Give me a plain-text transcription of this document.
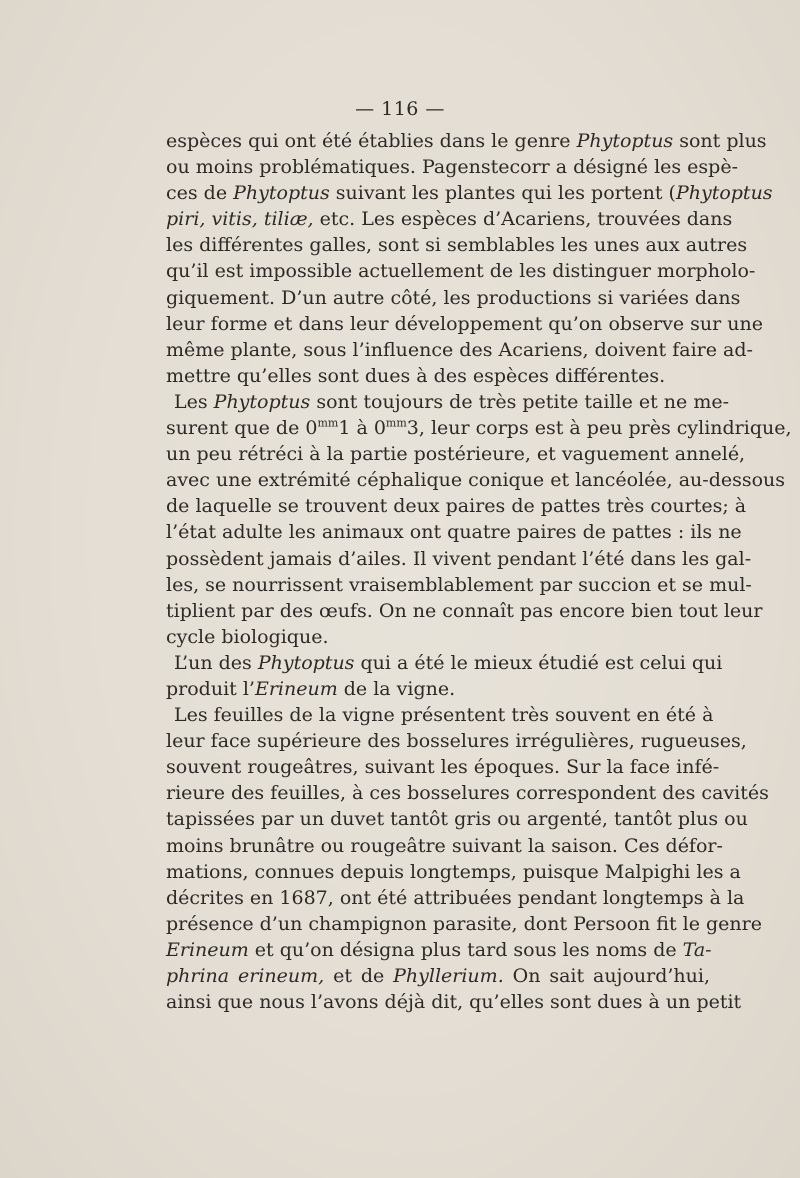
— 116 —
espèces qui ont été établies dans le genre Phytoptus sont plus
ou moins problématiques. Pagenstecorr a désigné les espè-
ces de Phytoptus suivant les plantes qui les portent (Phytoptus
piri, vitis, tiliæ, etc. Les espèces d’Acariens, trouvées dans
les différentes galles, sont si semblables les unes aux autres
qu’il est impossible actuellement de les distinguer morpholo-
giquement. D’un autre côté, les productions si variées dans
leur forme et dans leur développement qu’on observe sur une
même plante, sous l’influence des Acariens, doivent faire ad-
mettre qu’elles sont dues à des espèces différentes.
Les Phytoptus sont toujours de très petite taille et ne me-
surent que de $0^{mm}1$ à $0^{mm}3$, leur corps est à peu près cylindrique,
un peu rétréci à la partie postérieure, et vaguement annelé,
avec une extrémité céphalique conique et lancéolée, au-dessous
de laquelle se trouvent deux paires de pattes très courtes; à
l’état adulte les animaux ont quatre paires de pattes : ils ne
possèdent jamais d’ailes. Il vivent pendant l’été dans les gal-
les, se nourrissent vraisemblablement par succion et se mul-
tiplient par des œufs. On ne connaît pas encore bien tout leur
cycle biologique.
L’un des Phytoptus qui a été le mieux étudié est celui qui
produit l’Erineum de la vigne.
Les feuilles de la vigne présentent très souvent en été à
leur face supérieure des bosselures irrégulières, rugueuses,
souvent rougeâtres, suivant les époques. Sur la face infé-
rieure des feuilles, à ces bosselures correspondent des cavités
tapissées par un duvet tantôt gris ou argenté, tantôt plus ou
moins brunâtre ou rougeâtre suivant la saison. Ces défor-
mations, connues depuis longtemps, puisque Malpighi les a
décrites en 1687, ont été attribuées pendant longtemps à la
présence d’un champignon parasite, dont Persoon fit le genre
Erineum et qu’on désigna plus tard sous les noms de Ta-
phrina erineum, et de Phyllerium. On sait aujourd’hui,
ainsi que nous l’avons déjà dit, qu’elles sont dues à un petit
